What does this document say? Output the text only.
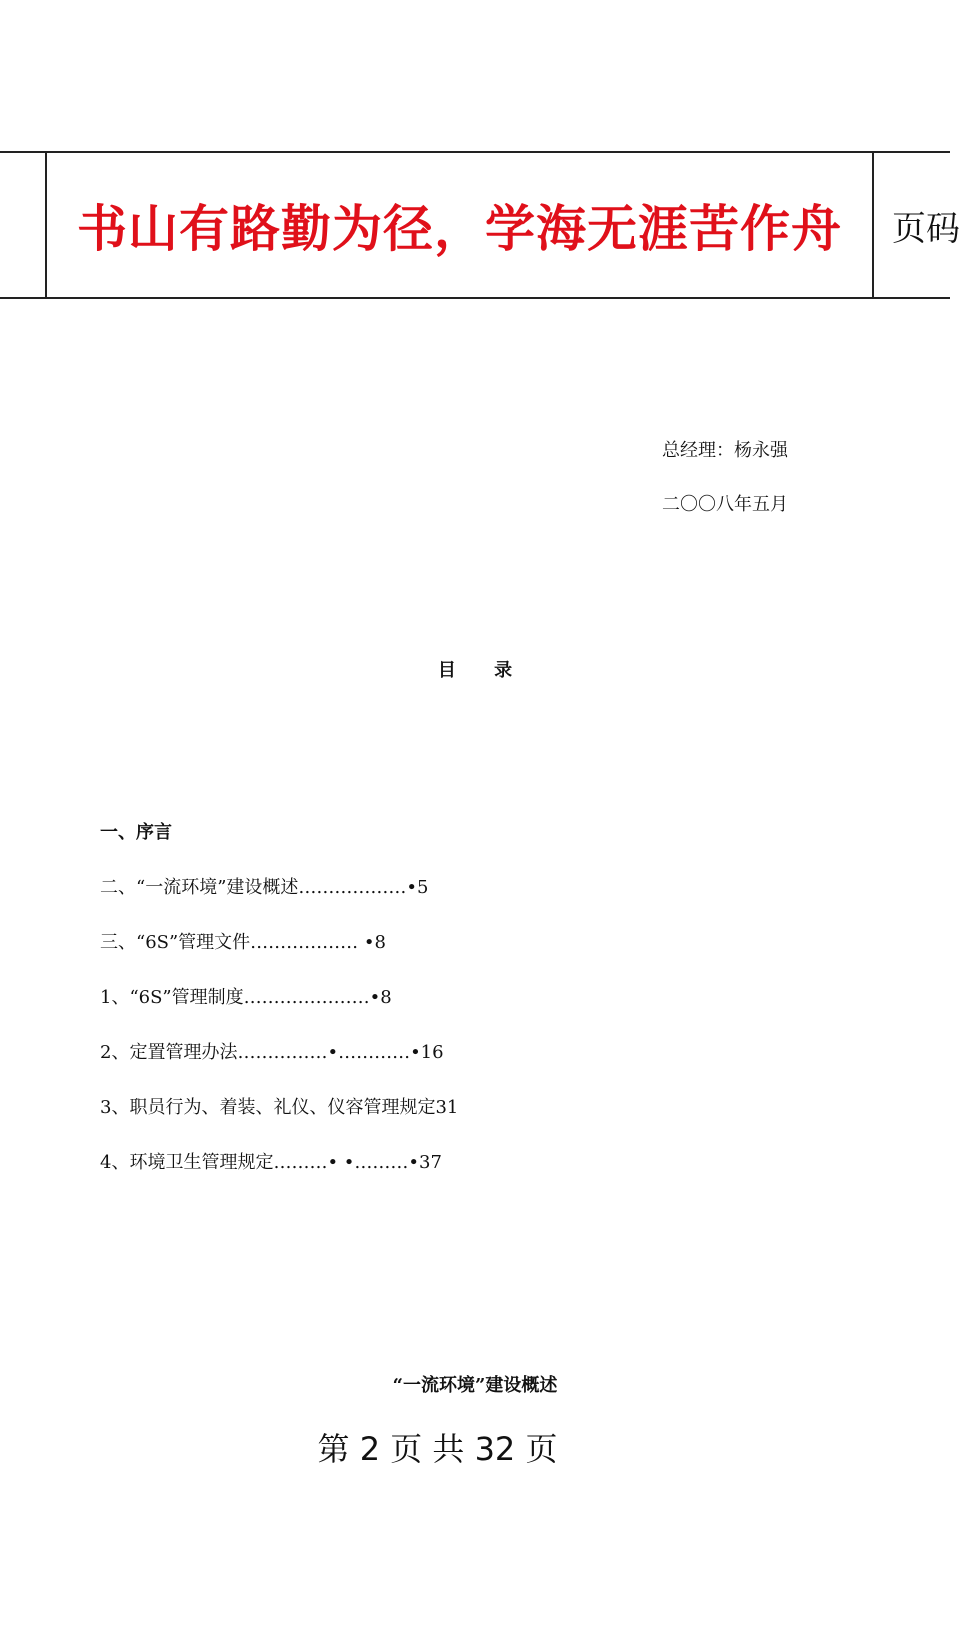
书山有路勤为径，学海无涯苦作舟	页码
总经理：杨永强
二〇〇八年五月
目 录
一、序言
二、“一流环境”建设概述………………•5
三、“6S”管理文件……………… •8
1、“6S”管理制度…………………•8
2、定置管理办法……………•…………•16
3、职员行为、着装、礼仪、仪容管理规定31
4、环境卫生管理规定………• •………•37
“一流环境”建设概述
第 2 页 共 32 页
